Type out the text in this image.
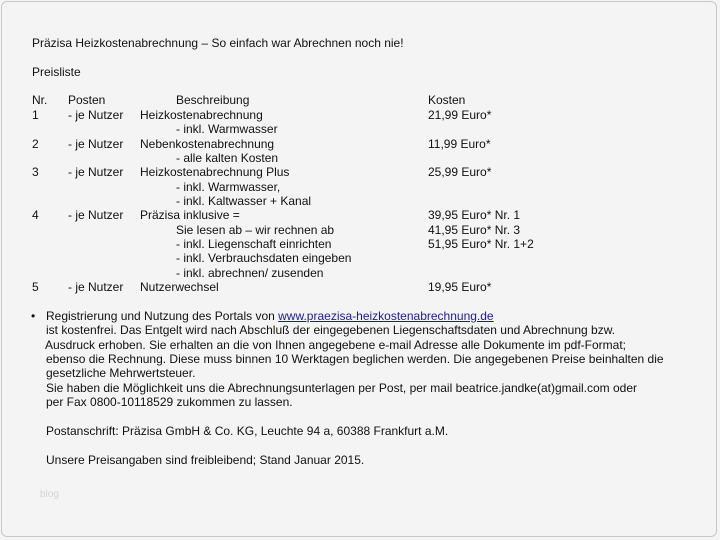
Präzisa Heizkostenabrechnung – So einfach war Abrechnen noch nie!
Preisliste
Nr. Posten	Beschreibung	Kosten
1 - je Nutzer Heizkostenabrechnung	21,99 Euro*
- inkl. Warmwasser
2 - je Nutzer Nebenkostenabrechnung	11,99 Euro*
- alle kalten Kosten
3 - je Nutzer Heizkostenabrechnung Plus	25,99 Euro*
- inkl. Warmwasser,
- inkl. Kaltwasser + Kanal
4 - je Nutzer Präzisa inklusive =	39,95 Euro* Nr. 1
Sie lesen ab – wir rechnen ab	41,95 Euro* Nr. 3
- inkl. Liegenschaft einrichten	51,95 Euro* Nr. 1+2
- inkl. Verbrauchsdaten eingeben
- inkl. abrechnen/ zusenden
5 - je Nutzer Nutzerwechsel	19,95 Euro*
• Registrierung und Nutzung des Portals von www.praezisa-heizkostenabrechnung.de
ist kostenfrei. Das Entgelt wird nach Abschluß der eingegebenen Liegenschaftsdaten und Abrechnung bzw.
Ausdruck erhoben. Sie erhalten an die von Ihnen angegebene e-mail Adresse alle Dokumente im pdf-Format;
ebenso die Rechnung. Diese muss binnen 10 Werktagen beglichen werden. Die angegebenen Preise beinhalten die
gesetzliche Mehrwertsteuer.
Sie haben die Möglichkeit uns die Abrechnungsunterlagen per Post, per mail beatrice.jandke(at)gmail.com oder
per Fax 0800-10118529 zukommen zu lassen.
Postanschrift: Präzisa GmbH & Co. KG, Leuchte 94 a, 60388 Frankfurt a.M.
Unsere Preisangaben sind freibleibend; Stand Januar 2015.
blog
